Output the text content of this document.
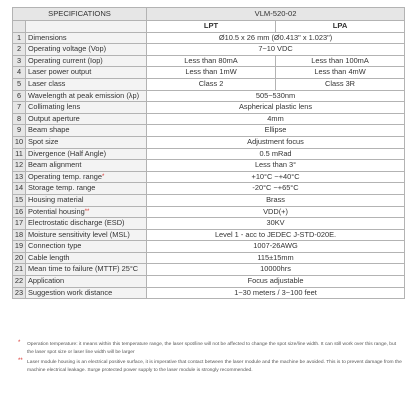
SPECIFICATIONS		VLM-520-02	
		LPT	LPA
1	Dimensions	Ø10.5 x 26 mm (Ø0.413" x 1.023")	
2	Operating voltage (Vop)	7~10 VDC	
3	Operating current (Iop)	Less than 80mA	Less than 100mA
4	Laser power output	Less than 1mW	Less than 4mW
5	Laser class	Class 2	Class 3R
6	Wavelength at peak emission (λp)	505~530nm	
7	Collimating lens	Aspherical plastic lens	
8	Output aperture	4mm	
9	Beam shape	Ellipse	
10	Spot size	Adjustment focus	
11	Divergence (Half Angle)	0.5 mRad	
12	Beam alignment	Less than 3°	
13	Operating temp. range*	+10°C ~+40°C	
14	Storage temp. range	-20°C ~+65°C	
15	Housing material	Brass	
16	Potential housing**	VDD(+)	
17	Electrostatic discharge (ESD)	30KV	
18	Moisture sensitivity level (MSL)	Level 1 - acc to JEDEC J-STD-020E.	
19	Connection type	1007-26AWG	
20	Cable length	115±15mm	
21	Mean time to failure (MTTF) 25°C	10000hrs	
22	Application	Focus adjustable	
23	Suggestion work distance	1~30 meters / 3~100 feet	
* Operation temperature: it means within this temperature range, the laser spot/line will not be affected to change the spot size/line width. It can still work over this range, but the laser spot size or laser line width will be larger
** Laser module housing is an electrical positive surface, it is imperative that contact between the laser module and the machine be avoided. This is to prevent damage from the machine electrical leakage. Surge protected power supply to the laser module is strongly recommended.
